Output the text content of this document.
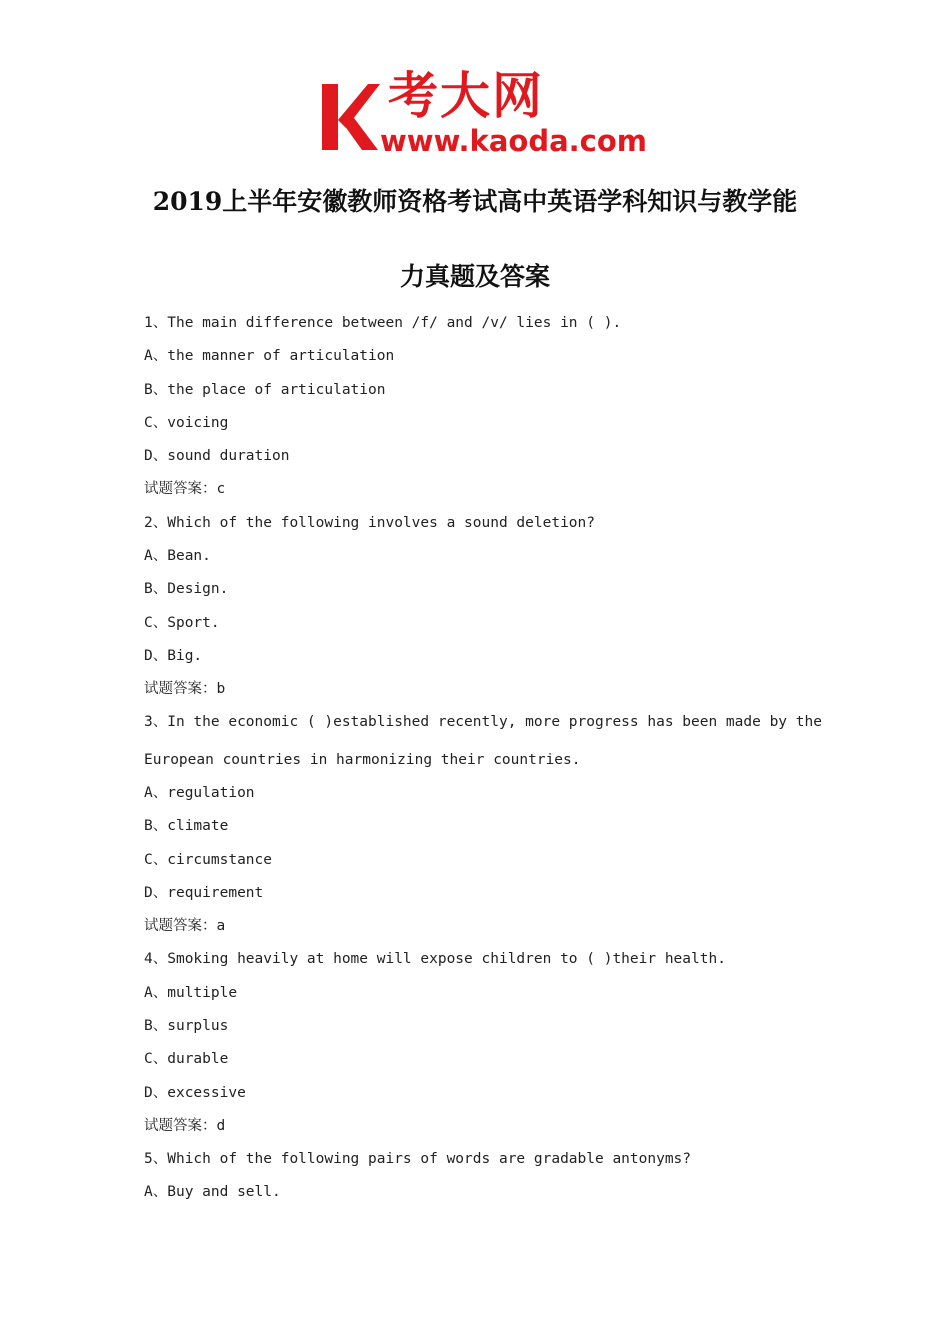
考大网
www.kaoda.com
2019上半年安徽教师资格考试高中英语学科知识与教学能
力真题及答案
1、The main difference between /f/ and /v/ lies in ( ).
A、the manner of articulation
B、the place of articulation
C、voicing
D、sound duration
试题答案：c
2、Which of the following involves a sound deletion?
A、Bean.
B、Design.
C、Sport.
D、Big.
试题答案：b
3、In the economic ( )established recently, more progress has been made by the
European countries in harmonizing their countries.
A、regulation
B、climate
C、circumstance
D、requirement
试题答案：a
4、Smoking heavily at home will expose children to ( )their health.
A、multiple
B、surplus
C、durable
D、excessive
试题答案：d
5、Which of the following pairs of words are gradable antonyms?
A、Buy and sell.
